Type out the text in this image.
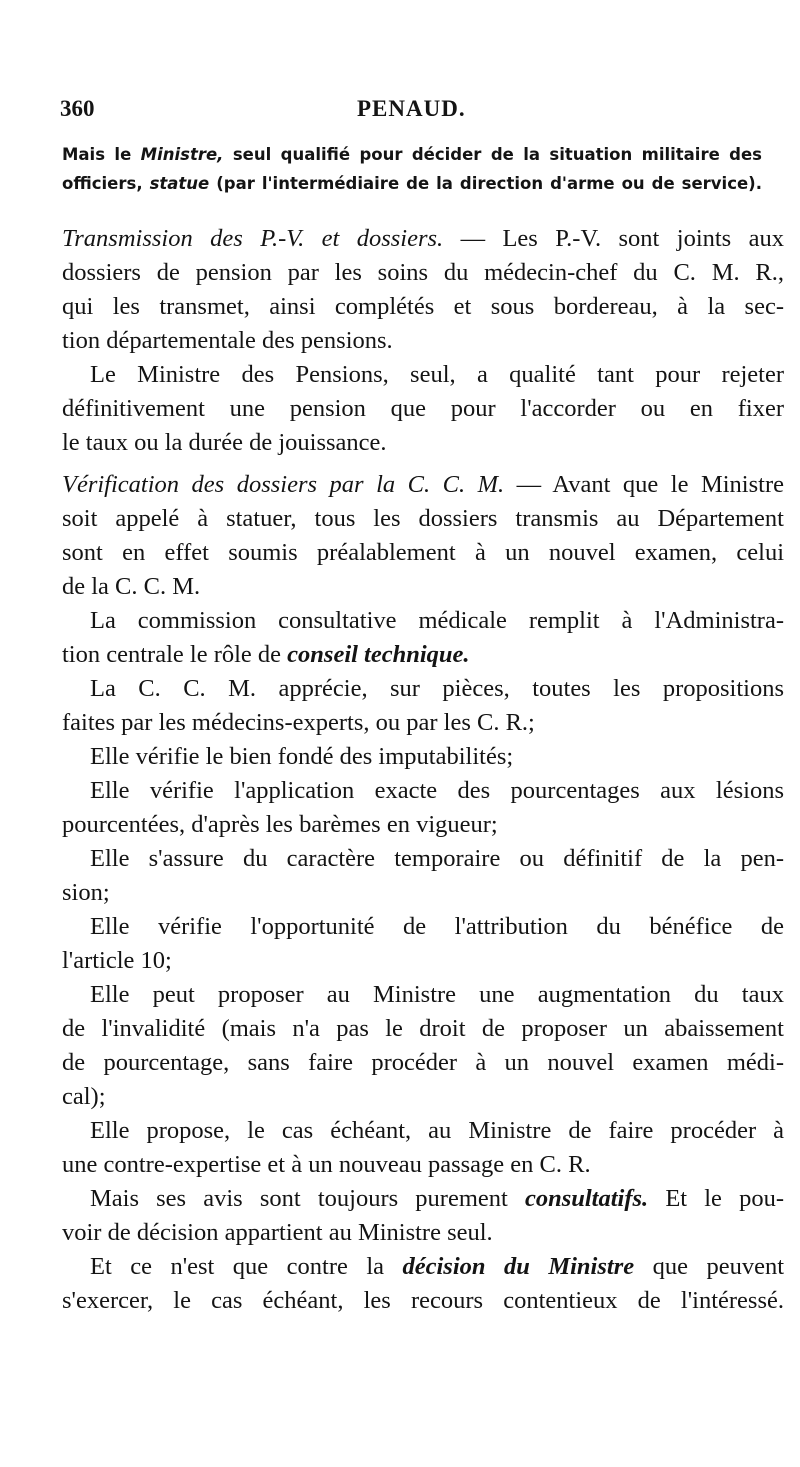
360	PENAUD.

Mais le Ministre, seul qualifié pour décider de la situation militaire des
officiers, statue (par l'intermédiaire de la direction d'arme ou de service).

Transmission des P.-V. et dossiers. — Les P.-V. sont joints aux
dossiers de pension par les soins du médecin-chef du C. M. R.,
qui les transmet, ainsi complétés et sous bordereau, à la sec-
tion départementale des pensions.

Le Ministre des Pensions, seul, a qualité tant pour rejeter
définitivement une pension que pour l'accorder ou en fixer
le taux ou la durée de jouissance.

Vérification des dossiers par la C. C. M. — Avant que le Ministre
soit appelé à statuer, tous les dossiers transmis au Département
sont en effet soumis préalablement à un nouvel examen, celui
de la C. C. M.

La commission consultative médicale remplit à l'Administra-
tion centrale le rôle de conseil technique.

La C. C. M. apprécie, sur pièces, toutes les propositions
faites par les médecins-experts, ou par les C. R.;

Elle vérifie le bien fondé des imputabilités;

Elle vérifie l'application exacte des pourcentages aux lésions
pourcentées, d'après les barèmes en vigueur;

Elle s'assure du caractère temporaire ou définitif de la pen-
sion;

Elle vérifie l'opportunité de l'attribution du bénéfice de
l'article 10;

Elle peut proposer au Ministre une augmentation du taux
de l'invalidité (mais n'a pas le droit de proposer un abaissement
de pourcentage, sans faire procéder à un nouvel examen médi-
cal);

Elle propose, le cas échéant, au Ministre de faire procéder à
une contre-expertise et à un nouveau passage en C. R.

Mais ses avis sont toujours purement consultatifs. Et le pou-
voir de décision appartient au Ministre seul.

Et ce n'est que contre la décision du Ministre que peuvent
s'exercer, le cas échéant, les recours contentieux de l'intéressé.
